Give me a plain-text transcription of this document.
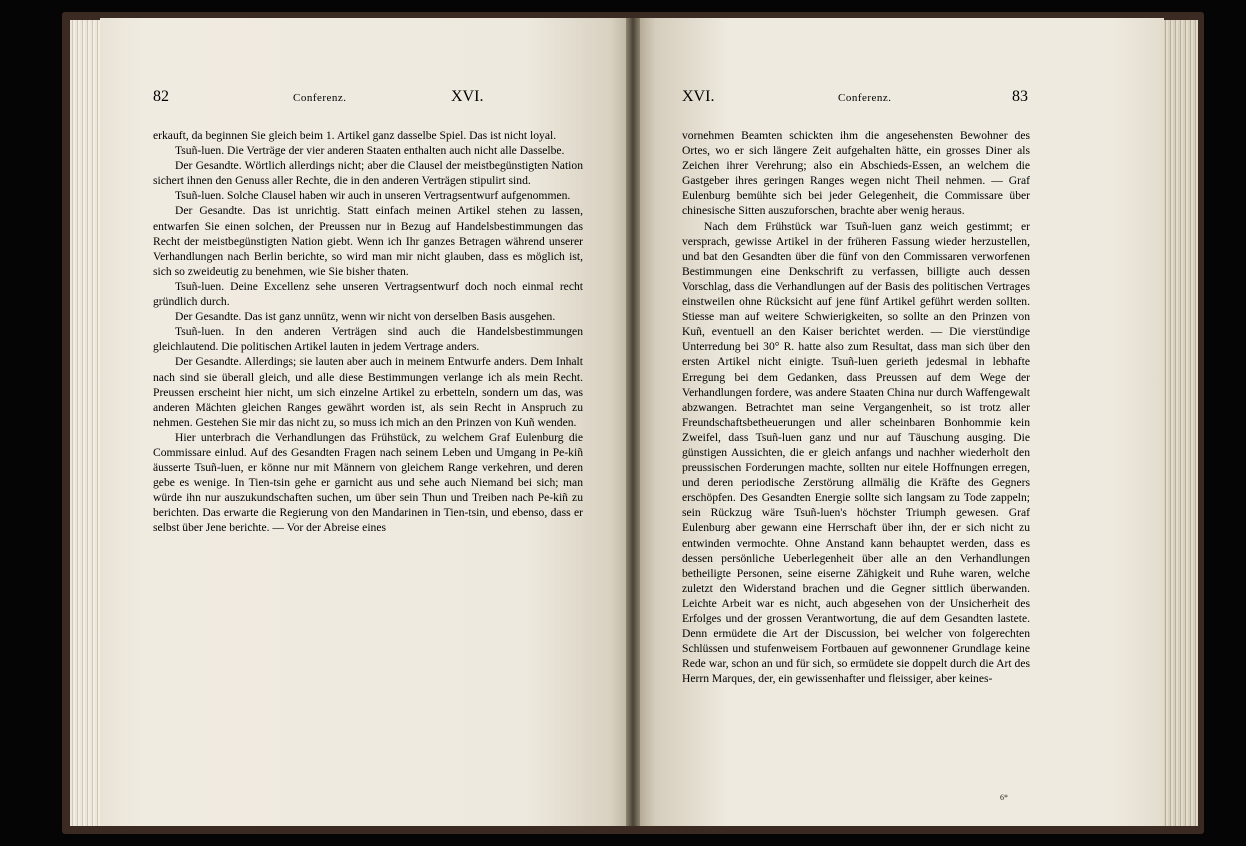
82	Conferenz.	XVI.

erkauft, da beginnen Sie gleich beim 1. Artikel ganz dasselbe Spiel. Das ist nicht loyal.

Tsuñ-luen. Die Verträge der vier anderen Staaten enthalten auch nicht alle Dasselbe.

Der Gesandte. Wörtlich allerdings nicht; aber die Clausel der meistbegünstigten Nation sichert ihnen den Genuss aller Rechte, die in den anderen Verträgen stipulirt sind.

Tsuñ-luen. Solche Clausel haben wir auch in unseren Vertragsentwurf aufgenommen.

Der Gesandte. Das ist unrichtig. Statt einfach meinen Artikel stehen zu lassen, entwarfen Sie einen solchen, der Preussen nur in Bezug auf Handelsbestimmungen das Recht der meistbegünstigten Nation giebt. Wenn ich Ihr ganzes Betragen während unserer Verhandlungen nach Berlin berichte, so wird man mir nicht glauben, dass es möglich ist, sich so zweideutig zu benehmen, wie Sie bisher thaten.

Tsuñ-luen. Deine Excellenz sehe unseren Vertragsentwurf doch noch einmal recht gründlich durch.

Der Gesandte. Das ist ganz unnütz, wenn wir nicht von derselben Basis ausgehen.

Tsuñ-luen. In den anderen Verträgen sind auch die Handelsbestimmungen gleichlautend. Die politischen Artikel lauten in jedem Vertrage anders.

Der Gesandte. Allerdings; sie lauten aber auch in meinem Entwurfe anders. Dem Inhalt nach sind sie überall gleich, und alle diese Bestimmungen verlange ich als mein Recht. Preussen erscheint hier nicht, um sich einzelne Artikel zu erbetteln, sondern um das, was anderen Mächten gleichen Ranges gewährt worden ist, als sein Recht in Anspruch zu nehmen. Gestehen Sie mir das nicht zu, so muss ich mich an den Prinzen von Kuñ wenden.

Hier unterbrach die Verhandlungen das Frühstück, zu welchem Graf Eulenburg die Commissare einlud. Auf des Gesandten Fragen nach seinem Leben und Umgang in Pe-kiñ äusserte Tsuñ-luen, er könne nur mit Männern von gleichem Range verkehren, und deren gebe es wenige. In Tien-tsin gehe er garnicht aus und sehe auch Niemand bei sich; man würde ihn nur auszukundschaften suchen, um über sein Thun und Treiben nach Pe-kiñ zu berichten. Das erwarte die Regierung von den Mandarinen in Tien-tsin, und ebenso, dass er selbst über Jene berichte. — Vor der Abreise eines

XVI.	Conferenz.	83

vornehmen Beamten schickten ihm die angesehensten Bewohner des Ortes, wo er sich längere Zeit aufgehalten hätte, ein grosses Diner als Zeichen ihrer Verehrung; also ein Abschieds-Essen, an welchem die Gastgeber ihres geringen Ranges wegen nicht Theil nehmen. — Graf Eulenburg bemühte sich bei jeder Gelegenheit, die Commissare über chinesische Sitten auszuforschen, brachte aber wenig heraus.

Nach dem Frühstück war Tsuñ-luen ganz weich gestimmt; er versprach, gewisse Artikel in der früheren Fassung wieder herzustellen, und bat den Gesandten über die fünf von den Commissaren verworfenen Bestimmungen eine Denkschrift zu verfassen, billigte auch dessen Vorschlag, dass die Verhandlungen auf der Basis des politischen Vertrages einstweilen ohne Rücksicht auf jene fünf Artikel geführt werden sollten. Stiesse man auf weitere Schwierigkeiten, so sollte an den Prinzen von Kuñ, eventuell an den Kaiser berichtet werden. — Die vierstündige Unterredung bei 30° R. hatte also zum Resultat, dass man sich über den ersten Artikel nicht einigte. Tsuñ-luen gerieth jedesmal in lebhafte Erregung bei dem Gedanken, dass Preussen auf dem Wege der Verhandlungen fordere, was andere Staaten China nur durch Waffengewalt abzwangen. Betrachtet man seine Vergangenheit, so ist trotz aller Freundschaftsbetheuerungen und aller scheinbaren Bonhommie kein Zweifel, dass Tsuñ-luen ganz und nur auf Täuschung ausging. Die günstigen Aussichten, die er gleich anfangs und nachher wiederholt den preussischen Forderungen machte, sollten nur eitele Hoffnungen erregen, und deren periodische Zerstörung allmälig die Kräfte des Gegners erschöpfen. Des Gesandten Energie sollte sich langsam zu Tode zappeln; sein Rückzug wäre Tsuñ-luen's höchster Triumph gewesen. Graf Eulenburg aber gewann eine Herrschaft über ihn, der er sich nicht zu entwinden vermochte. Ohne Anstand kann behauptet werden, dass es dessen persönliche Ueberlegenheit über alle an den Verhandlungen betheiligte Personen, seine eiserne Zähigkeit und Ruhe waren, welche zuletzt den Widerstand brachen und die Gegner sittlich überwanden. Leichte Arbeit war es nicht, auch abgesehen von der Unsicherheit des Erfolges und der grossen Verantwortung, die auf dem Gesandten lastete. Denn ermüdete die Art der Discussion, bei welcher von folgerechten Schlüssen und stufenweisem Fortbauen auf gewonnener Grundlage keine Rede war, schon an und für sich, so ermüdete sie doppelt durch die Art des Herrn Marques, der, ein gewissenhafter und fleissiger, aber keines-

6*
